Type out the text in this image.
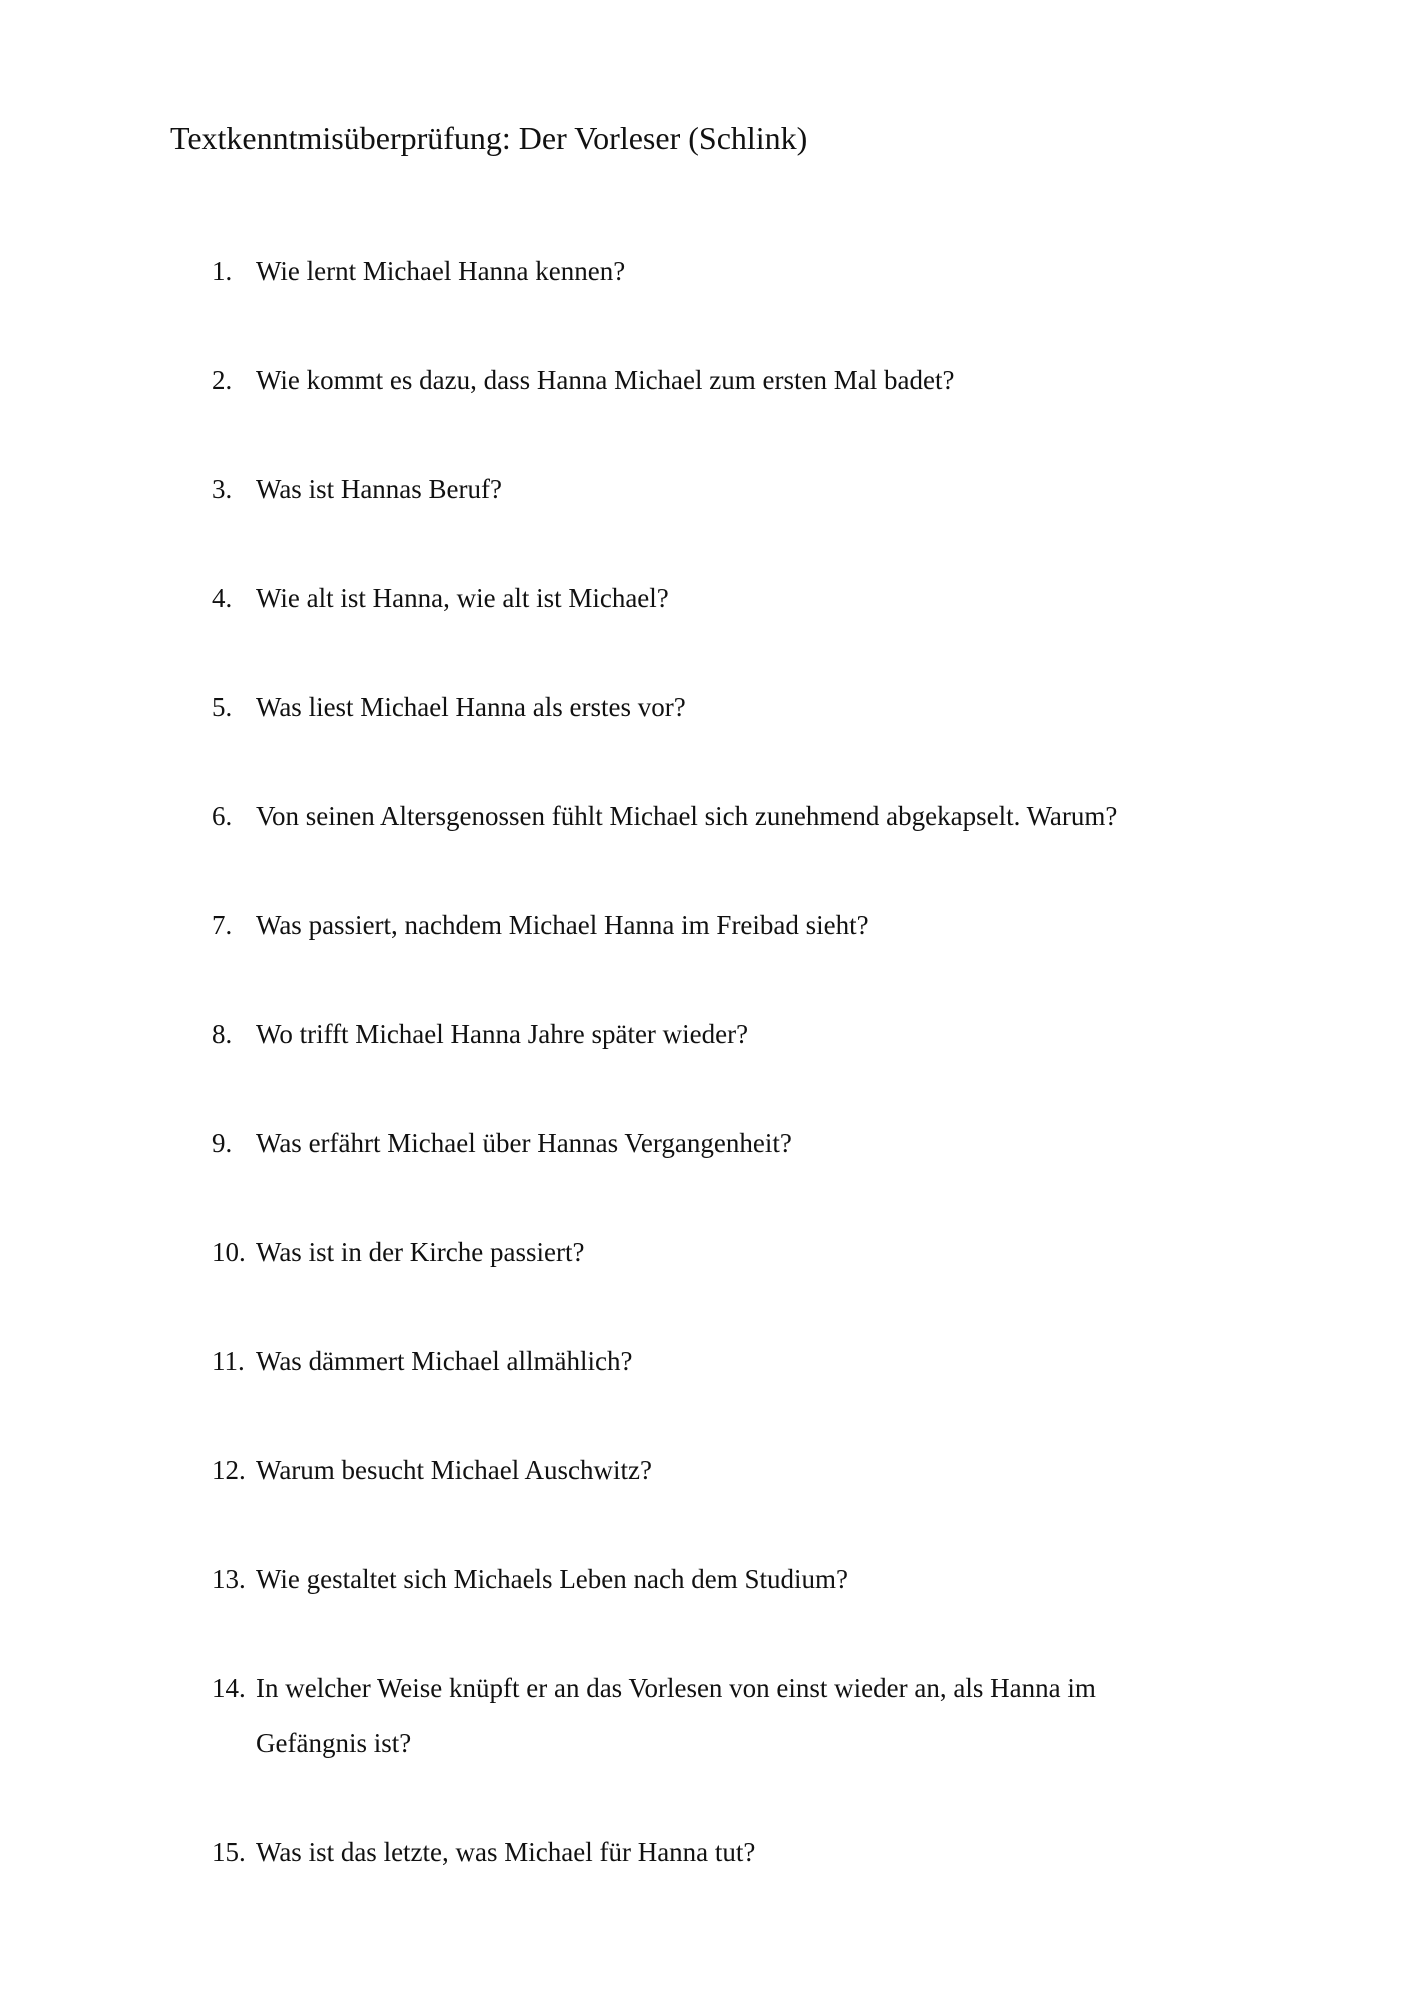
Textkenntmisüberprüfung: Der Vorleser (Schlink)
1. Wie lernt Michael Hanna kennen?
2. Wie kommt es dazu, dass Hanna Michael zum ersten Mal badet?
3. Was ist Hannas Beruf?
4. Wie alt ist Hanna, wie alt ist Michael?
5. Was liest Michael Hanna als erstes vor?
6. Von seinen Altersgenossen fühlt Michael sich zunehmend abgekapselt. Warum?
7. Was passiert, nachdem Michael Hanna im Freibad sieht?
8. Wo trifft Michael Hanna Jahre später wieder?
9. Was erfährt Michael über Hannas Vergangenheit?
10. Was ist in der Kirche passiert?
11. Was dämmert Michael allmählich?
12. Warum besucht Michael Auschwitz?
13. Wie gestaltet sich Michaels Leben nach dem Studium?
14. In welcher Weise knüpft er an das Vorlesen von einst wieder an, als Hanna im Gefängnis ist?
15. Was ist das letzte, was Michael für Hanna tut?
